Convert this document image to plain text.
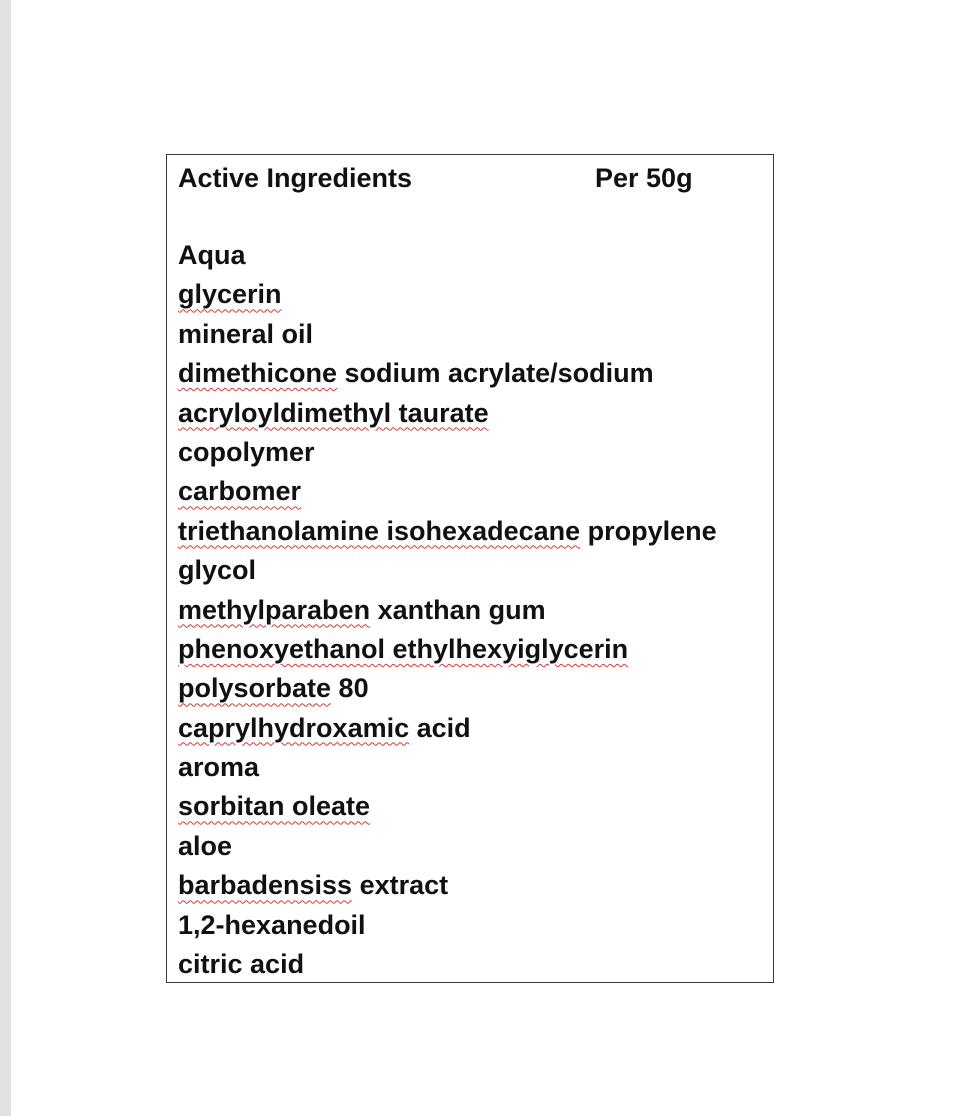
Active Ingredients	Per 50g
Aqua
glycerin
mineral oil
dimethicone sodium acrylate/sodium
acryloyldimethyl taurate
copolymer
carbomer
triethanolamine isohexadecane propylene
glycol
methylparaben xanthan gum
phenoxyethanol ethylhexyiglycerin
polysorbate 80
caprylhydroxamic acid
aroma
sorbitan oleate
aloe
barbadensiss extract
1,2-hexanedoil
citric acid
